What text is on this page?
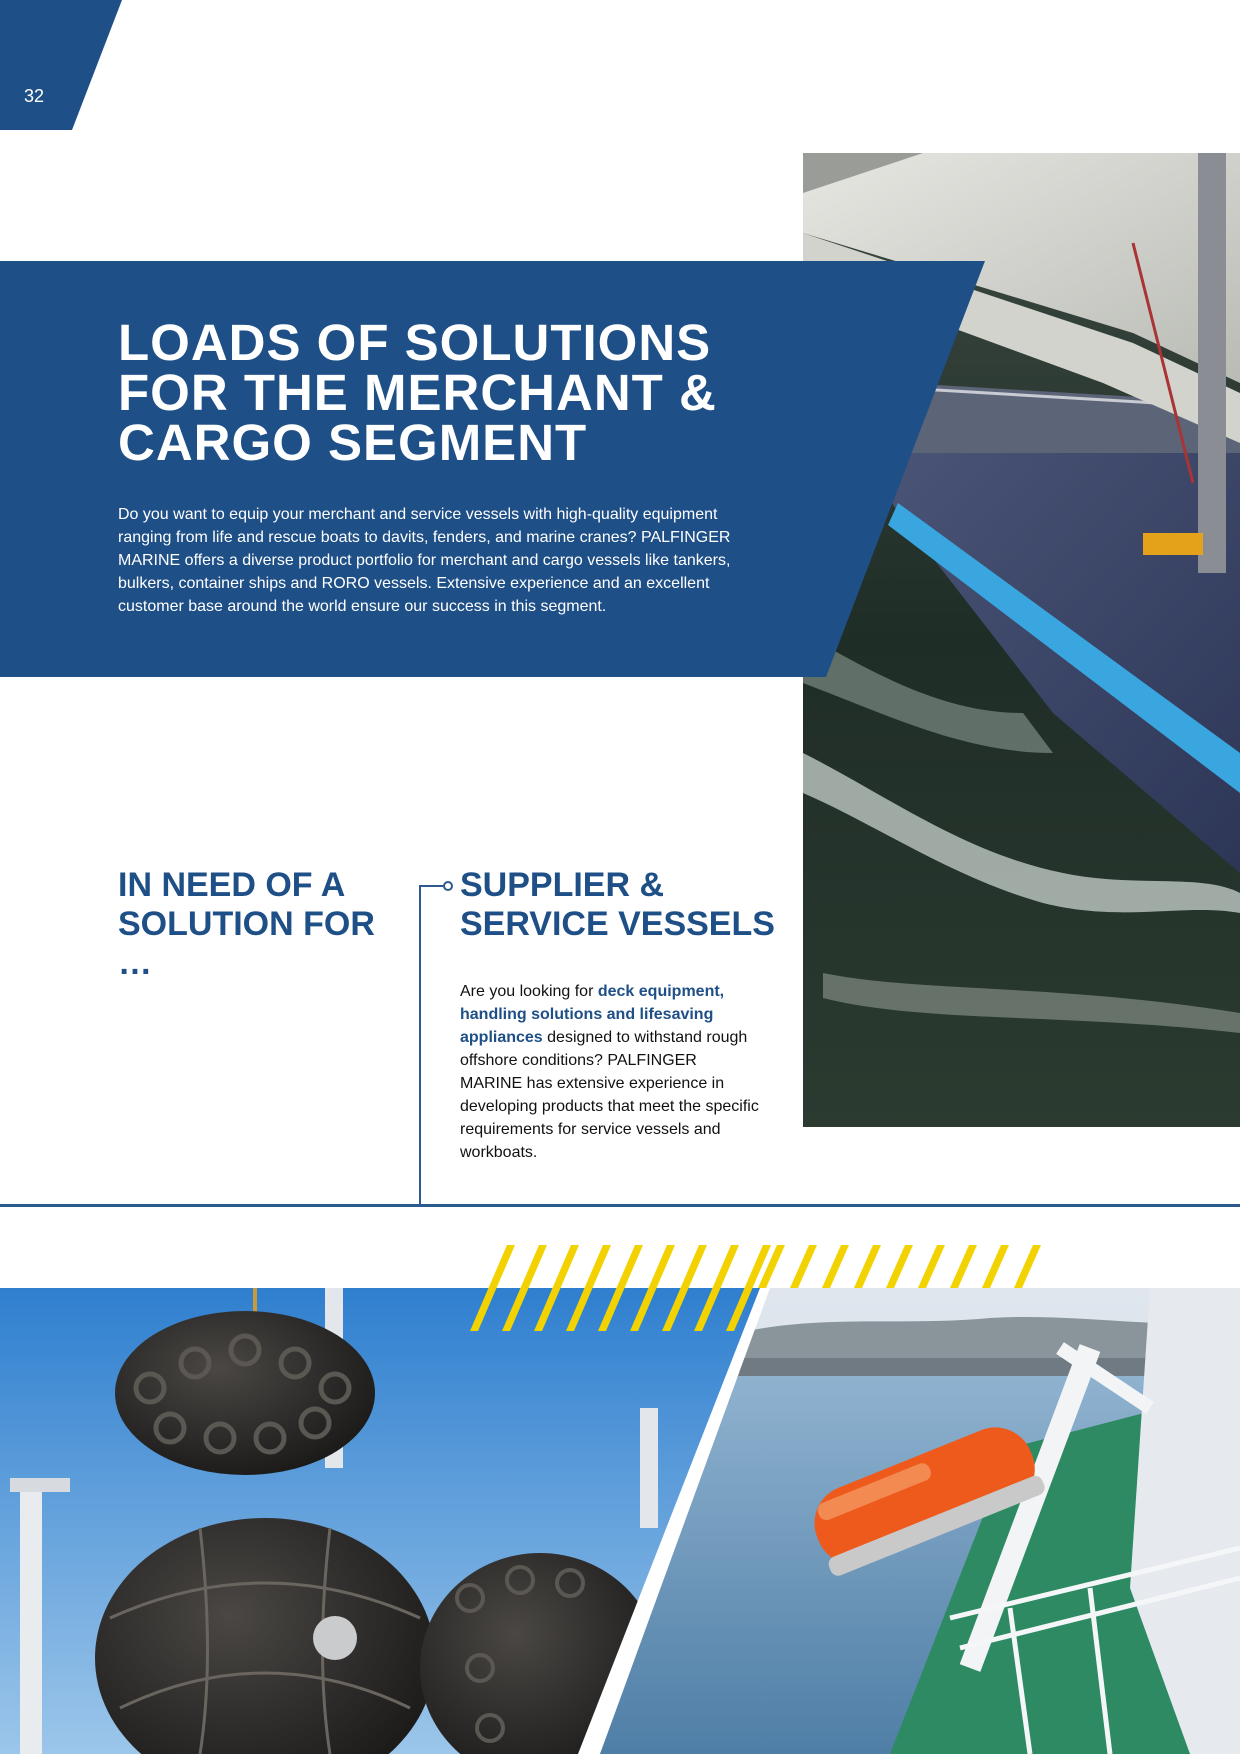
32
LOADS OF SOLUTIONS FOR THE MERCHANT & CARGO SEGMENT

Do you want to equip your merchant and service vessels with high-quality equipment ranging from life and rescue boats to davits, fenders, and marine cranes? PALFINGER MARINE offers a diverse product portfolio for merchant and cargo vessels like tankers, bulkers, container ships and RORO vessels. Extensive experience and an excellent customer base around the world ensure our success in this segment.

IN NEED OF A SOLUTION FOR …
SUPPLIER & SERVICE VESSELS

Are you looking for deck equipment, handling solutions and lifesaving appliances designed to withstand rough offshore conditions? PALFINGER MARINE has extensive experience in developing products that meet the specific requirements for service vessels and workboats.
